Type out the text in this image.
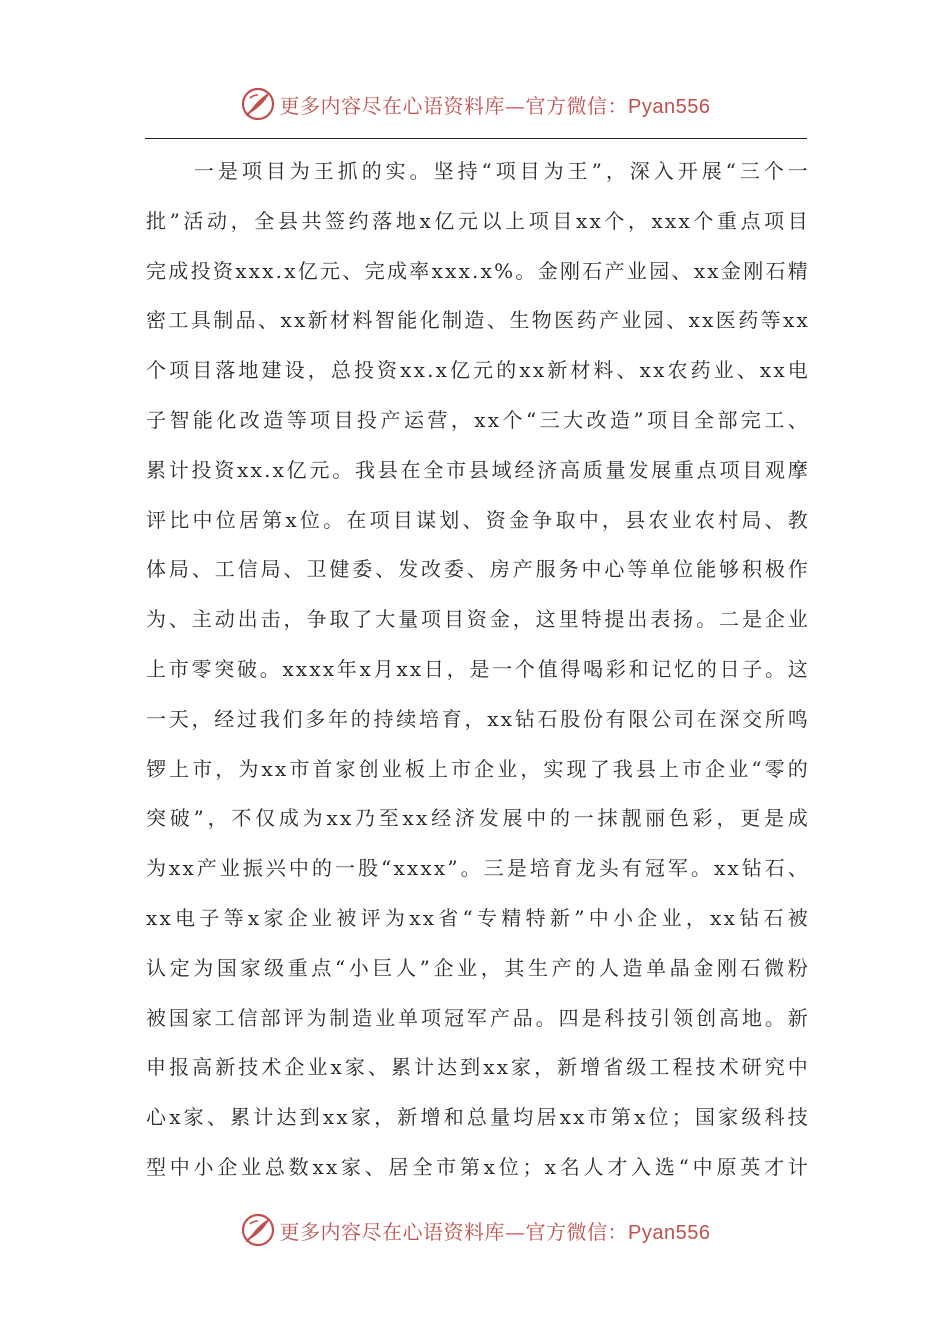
更多内容尽在心语资料库—官方微信：Pyan556
　　一是项目为王抓的实。坚持“项目为王”，深入开展“三个一
批”活动，全县共签约落地x亿元以上项目xx个，xxx个重点项目
完成投资xxx.x亿元、完成率xxx.x%。金刚石产业园、xx金刚石精
密工具制品、xx新材料智能化制造、生物医药产业园、xx医药等xx
个项目落地建设，总投资xx.x亿元的xx新材料、xx农药业、xx电
子智能化改造等项目投产运营，xx个“三大改造”项目全部完工、
累计投资xx.x亿元。我县在全市县域经济高质量发展重点项目观摩
评比中位居第x位。在项目谋划、资金争取中，县农业农村局、教
体局、工信局、卫健委、发改委、房产服务中心等单位能够积极作
为、主动出击，争取了大量项目资金，这里特提出表扬。二是企业
上市零突破。xxxx年x月xx日，是一个值得喝彩和记忆的日子。这
一天，经过我们多年的持续培育，xx钻石股份有限公司在深交所鸣
锣上市，为xx市首家创业板上市企业，实现了我县上市企业“零的
突破”，不仅成为xx乃至xx经济发展中的一抹靓丽色彩，更是成
为xx产业振兴中的一股“xxxx”。三是培育龙头有冠军。xx钻石、
xx电子等x家企业被评为xx省“专精特新”中小企业，xx钻石被
认定为国家级重点“小巨人”企业，其生产的人造单晶金刚石微粉
被国家工信部评为制造业单项冠军产品。四是科技引领创高地。新
申报高新技术企业x家、累计达到xx家，新增省级工程技术研究中
心x家、累计达到xx家，新增和总量均居xx市第x位；国家级科技
型中小企业总数xx家、居全市第x位；x名人才入选“中原英才计
更多内容尽在心语资料库—官方微信：Pyan556
